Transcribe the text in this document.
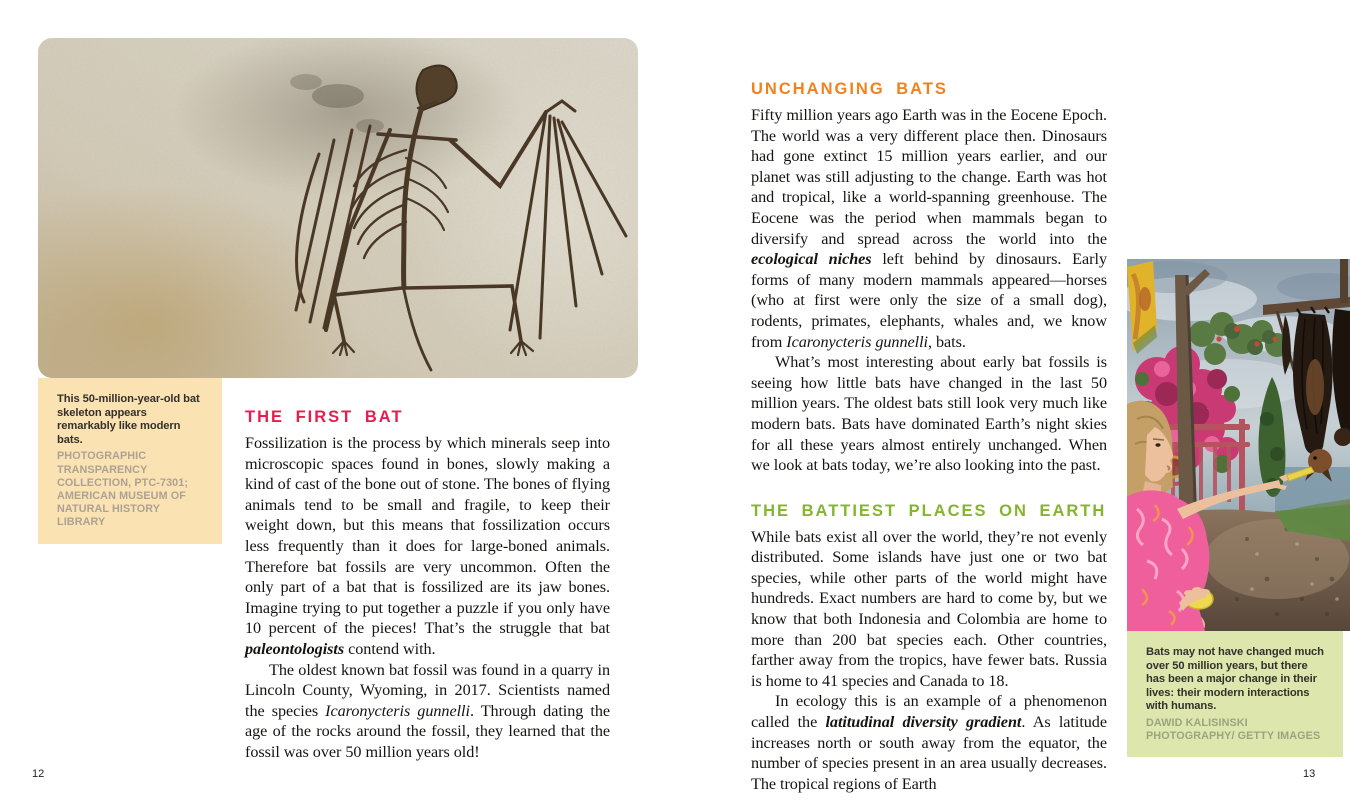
This 50-million-year-old bat skeleton appears remarkably like modern bats.

PHOTOGRAPHIC TRANSPARENCY COLLECTION, PTC-7301; AMERICAN MUSEUM OF NATURAL HISTORY LIBRARY

THE FIRST BAT

Fossilization is the process by which minerals seep into microscopic spaces found in bones, slowly making a kind of cast of the bone out of stone. The bones of flying animals tend to be small and fragile, to keep their weight down, but this means that fossilization occurs less frequently than it does for large-boned animals. Therefore bat fossils are very uncommon. Often the only part of a bat that is fossilized are its jaw bones. Imagine trying to put together a puzzle if you only have 10 percent of the pieces! That’s the struggle that bat paleontologists contend with.

The oldest known bat fossil was found in a quarry in Lincoln County, Wyoming, in 2017. Scientists named the species Icaronycteris gunnelli. Through dating the age of the rocks around the fossil, they learned that the fossil was over 50 million years old!

12
UNCHANGING BATS

Fifty million years ago Earth was in the Eocene Epoch. The world was a very different place then. Dinosaurs had gone extinct 15 million years earlier, and our planet was still adjusting to the change. Earth was hot and tropical, like a world-spanning greenhouse. The Eocene was the period when mammals began to diversify and spread across the world into the ecological niches left behind by dinosaurs. Early forms of many modern mammals appeared—horses (who at first were only the size of a small dog), rodents, primates, elephants, whales and, we know from Icaronycteris gunnelli, bats.

What’s most interesting about early bat fossils is seeing how little bats have changed in the last 50 million years. The oldest bats still look very much like modern bats. Bats have dominated Earth’s night skies for all these years almost entirely unchanged. When we look at bats today, we’re also looking into the past.

THE BATTIEST PLACES ON EARTH

While bats exist all over the world, they’re not evenly distributed. Some islands have just one or two bat species, while other parts of the world might have hundreds. Exact numbers are hard to come by, but we know that both Indonesia and Colombia are home to more than 200 bat species each. Other countries, farther away from the tropics, have fewer bats. Russia is home to 41 species and Canada to 18.

In ecology this is an example of a phenomenon called the latitudinal diversity gradient. As latitude increases north or south away from the equator, the number of species present in an area usually decreases. The tropical regions of Earth

Bats may not have changed much over 50 million years, but there has been a major change in their lives: their modern interactions with humans.

DAWID KALISINSKI PHOTOGRAPHY/ GETTY IMAGES

13
